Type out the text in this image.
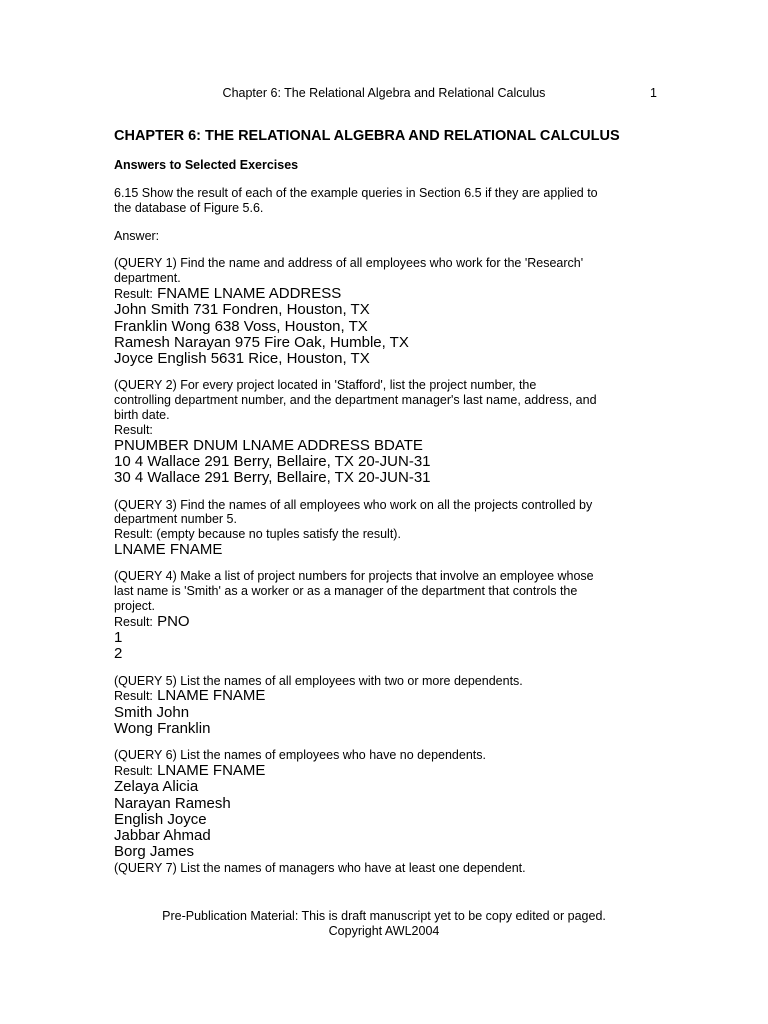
Chapter 6: The Relational Algebra and Relational Calculus	1

CHAPTER 6: THE RELATIONAL ALGEBRA AND RELATIONAL CALCULUS

Answers to Selected Exercises

6.15 Show the result of each of the example queries in Section 6.5 if they are applied to

the database of Figure 5.6.

Answer:

(QUERY 1) Find the name and address of all employees who work for the 'Research'

department.

Result: FNAME LNAME ADDRESS

John Smith 731 Fondren, Houston, TX

Franklin Wong 638 Voss, Houston, TX

Ramesh Narayan 975 Fire Oak, Humble, TX

Joyce English 5631 Rice, Houston, TX

(QUERY 2) For every project located in 'Stafford', list the project number, the

controlling department number, and the department manager's last name, address, and

birth date.

Result:

PNUMBER DNUM LNAME ADDRESS BDATE

10 4 Wallace 291 Berry, Bellaire, TX 20-JUN-31

30 4 Wallace 291 Berry, Bellaire, TX 20-JUN-31

(QUERY 3) Find the names of all employees who work on all the projects controlled by

department number 5.

Result: (empty because no tuples satisfy the result).

LNAME FNAME

(QUERY 4) Make a list of project numbers for projects that involve an employee whose

last name is 'Smith' as a worker or as a manager of the department that controls the

project.

Result: PNO

1

2

(QUERY 5) List the names of all employees with two or more dependents.

Result: LNAME FNAME

Smith John

Wong Franklin

(QUERY 6) List the names of employees who have no dependents.

Result: LNAME FNAME

Zelaya Alicia

Narayan Ramesh

English Joyce

Jabbar Ahmad

Borg James

(QUERY 7) List the names of managers who have at least one dependent.

Pre-Publication Material: This is draft manuscript yet to be copy edited or paged.
Copyright AWL2004
